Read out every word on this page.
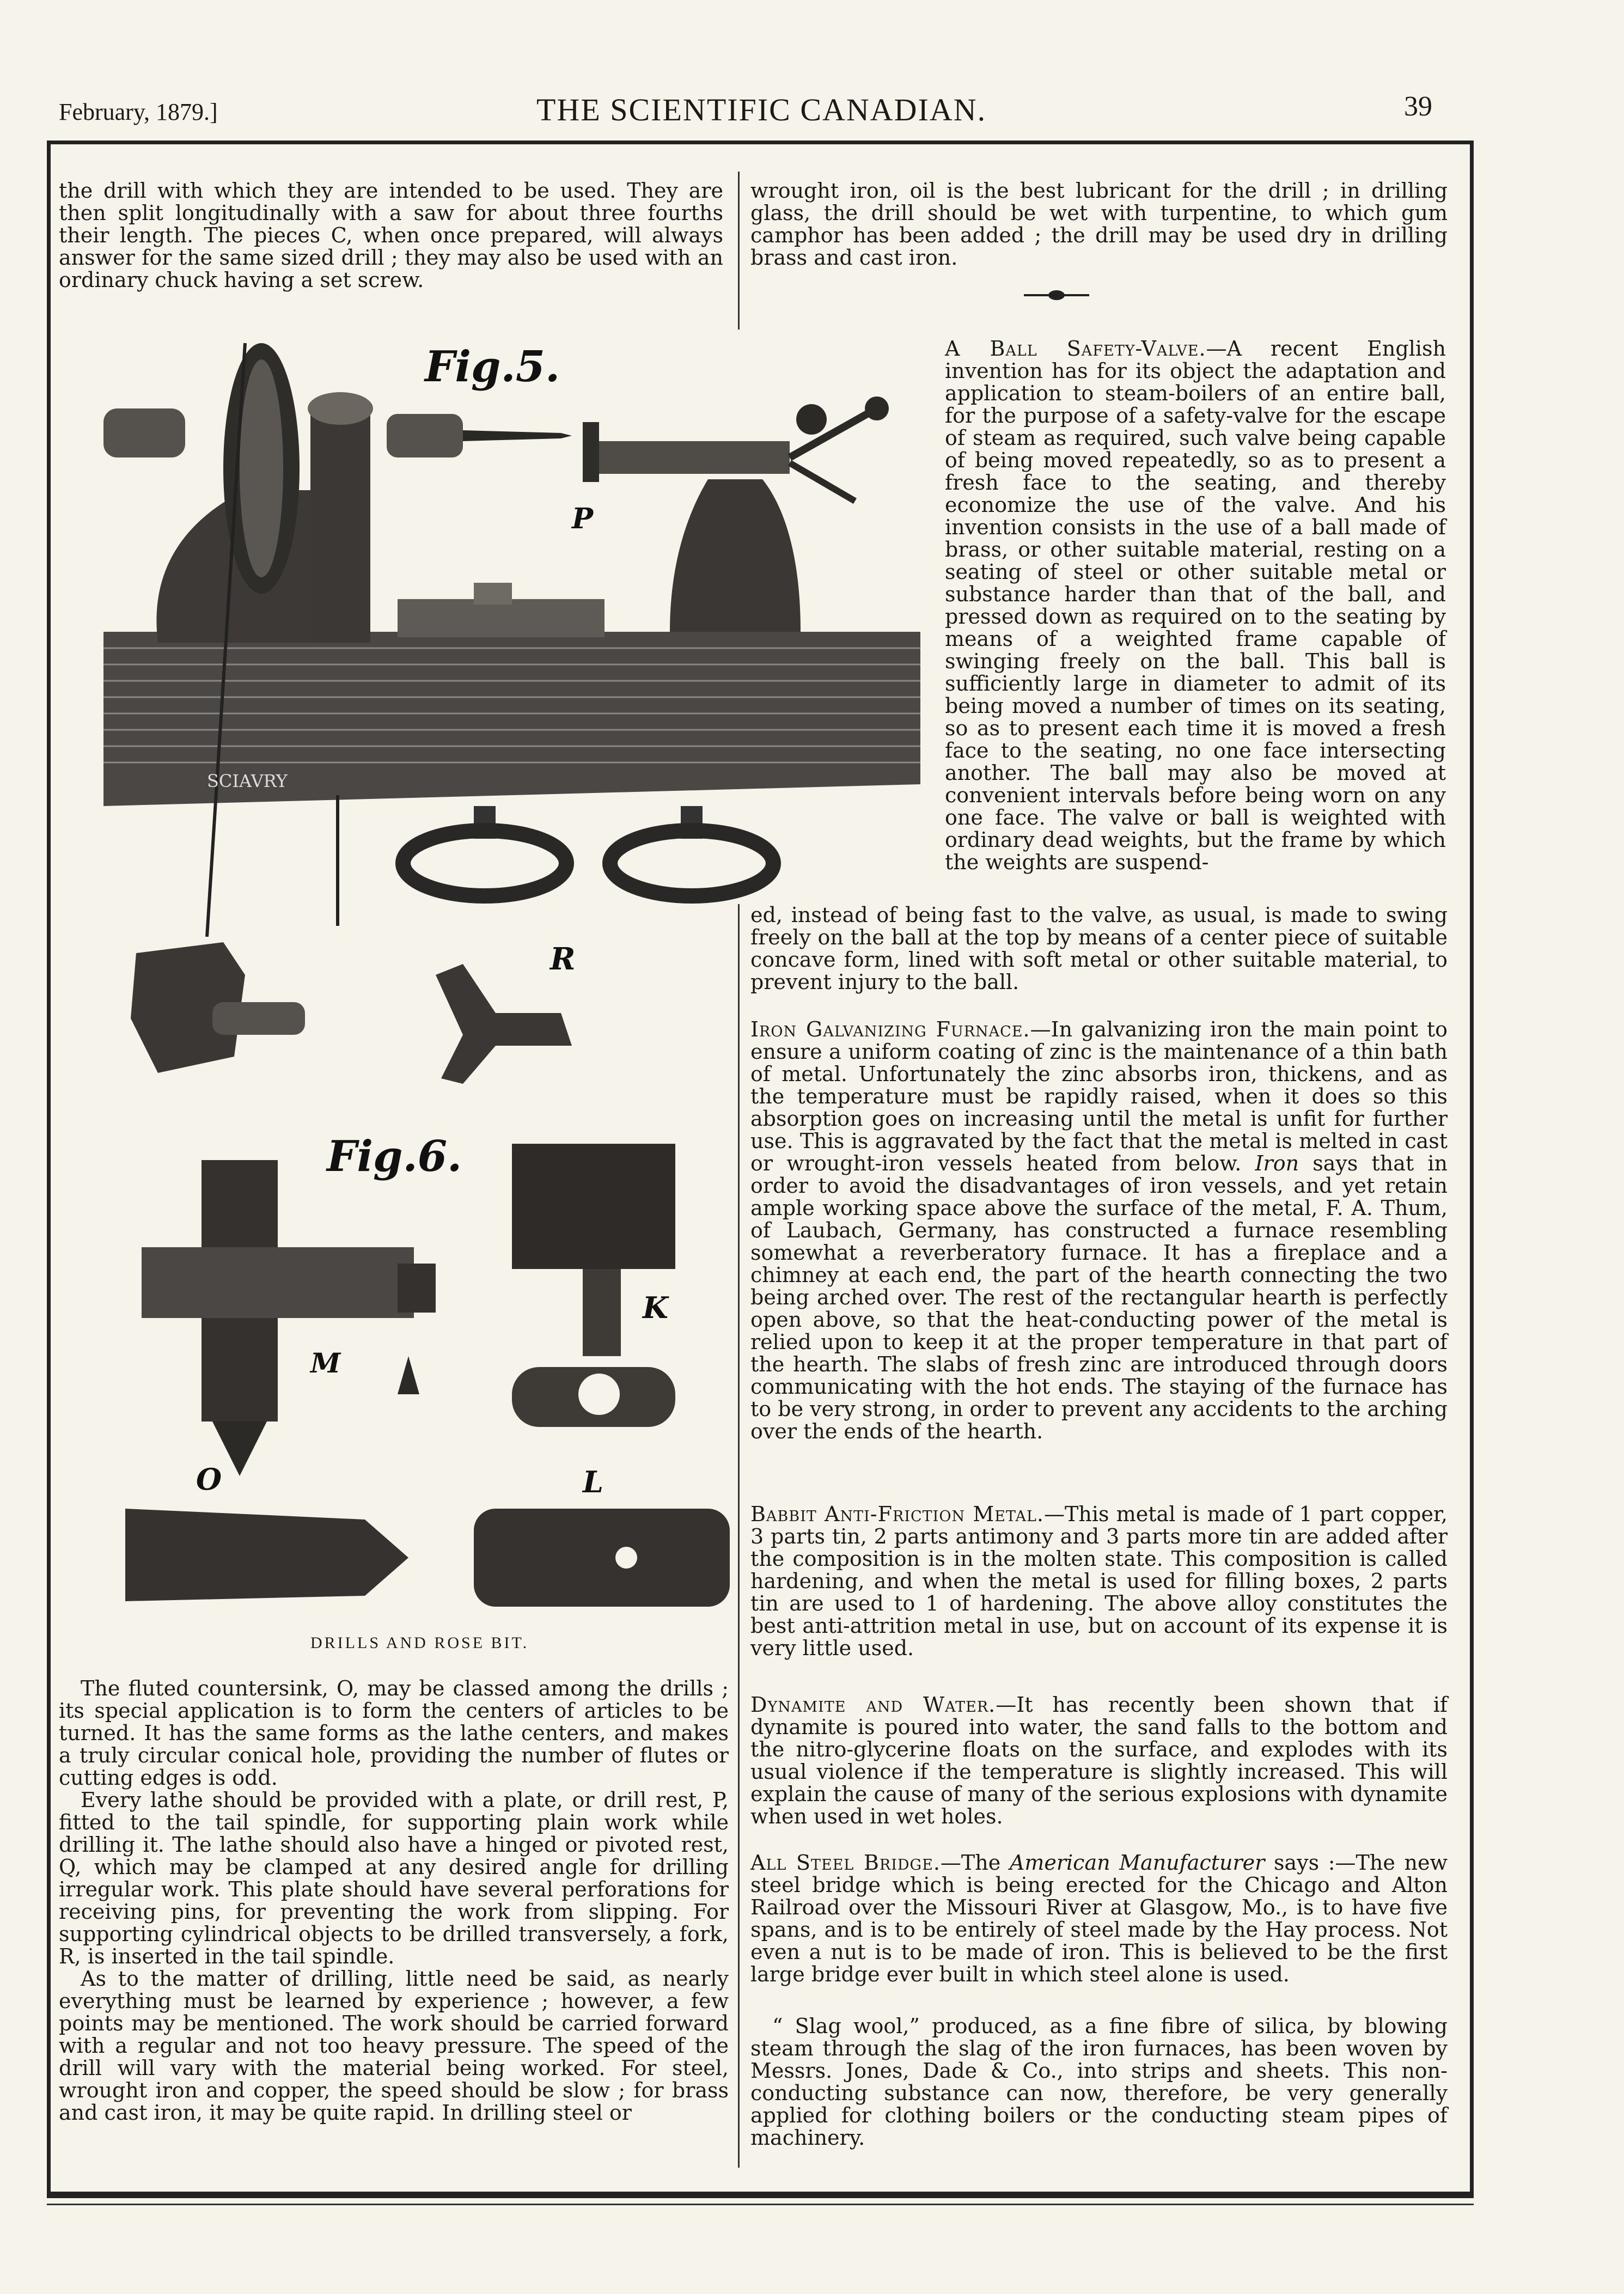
February, 1879.]	THE SCIENTIFIC CANADIAN.	39
the drill with which they are intended to be used. They are then split longitudinally with a saw for about three fourths their length. The pieces C, when once prepared, will always answer for the same sized drill ; they may also be used with an ordinary chuck having a set screw.
wrought iron, oil is the best lubricant for the drill ; in drilling glass, the drill should be wet with turpentine, to which gum camphor has been added ; the drill may be used dry in drilling brass and cast iron.
Fig.5.
P
SCIAVRY
A Ball Safety-Valve.—A recent English invention has for its object the adaptation and application to steam-boilers of an entire ball, for the purpose of a safety-valve for the escape of steam as required, such valve being capable of being moved repeatedly, so as to present a fresh face to the seating, and thereby economize the use of the valve. And his invention consists in the use of a ball made of brass, or other suitable material, resting on a seating of steel or other suitable metal or substance harder than that of the ball, and pressed down as required on to the seating by means of a weighted frame capable of swinging freely on the ball. This ball is sufficiently large in diameter to admit of its being moved a number of times on its seating, so as to present each time it is moved a fresh face to the seating, no one face intersecting another. The ball may also be moved at convenient intervals before being worn on any one face. The valve or ball is weighted with ordinary dead weights, but the frame by which the weights are suspend-
ed, instead of being fast to the valve, as usual, is made to swing freely on the ball at the top by means of a center piece of suitable concave form, lined with soft metal or other suitable material, to prevent injury to the ball.
R
Fig.6.
M
K
O	L
DRILLS AND ROSE BIT.
Iron Galvanizing Furnace.—In galvanizing iron the main point to ensure a uniform coating of zinc is the maintenance of a thin bath of metal. Unfortunately the zinc absorbs iron, thickens, and as the temperature must be rapidly raised, when it does so this absorption goes on increasing until the metal is unfit for further use. This is aggravated by the fact that the metal is melted in cast or wrought-iron vessels heated from below. Iron says that in order to avoid the disadvantages of iron vessels, and yet retain ample working space above the surface of the metal, F. A. Thum, of Laubach, Germany, has constructed a furnace resembling somewhat a reverberatory furnace. It has a fireplace and a chimney at each end, the part of the hearth connecting the two being arched over. The rest of the rectangular hearth is perfectly open above, so that the heat-conducting power of the metal is relied upon to keep it at the proper temperature in that part of the hearth. The slabs of fresh zinc are introduced through doors communicating with the hot ends. The staying of the furnace has to be very strong, in order to prevent any accidents to the arching over the ends of the hearth.
Babbit Anti-Friction Metal.—This metal is made of 1 part copper, 3 parts tin, 2 parts antimony and 3 parts more tin are added after the composition is in the molten state. This composition is called hardening, and when the metal is used for filling boxes, 2 parts tin are used to 1 of hardening. The above alloy constitutes the best anti-attrition metal in use, but on account of its expense it is very little used.
Dynamite and Water.—It has recently been shown that if dynamite is poured into water, the sand falls to the bottom and the nitro-glycerine floats on the surface, and explodes with its usual violence if the temperature is slightly increased. This will explain the cause of many of the serious explosions with dynamite when used in wet holes.
All Steel Bridge.—The American Manufacturer says :—The new steel bridge which is being erected for the Chicago and Alton Railroad over the Missouri River at Glasgow, Mo., is to have five spans, and is to be entirely of steel made by the Hay process. Not even a nut is to be made of iron. This is believed to be the first large bridge ever built in which steel alone is used.
“ Slag wool,” produced, as a fine fibre of silica, by blowing steam through the slag of the iron furnaces, has been woven by Messrs. Jones, Dade & Co., into strips and sheets. This non-conducting substance can now, therefore, be very generally applied for clothing boilers or the conducting steam pipes of machinery.

The fluted countersink, O, may be classed among the drills ; its special application is to form the centers of articles to be turned. It has the same forms as the lathe centers, and makes a truly circular conical hole, providing the number of flutes or cutting edges is odd.

Every lathe should be provided with a plate, or drill rest, P, fitted to the tail spindle, for supporting plain work while drilling it. The lathe should also have a hinged or pivoted rest, Q, which may be clamped at any desired angle for drilling irregular work. This plate should have several perforations for receiving pins, for preventing the work from slipping. For supporting cylindrical objects to be drilled transversely, a fork, R, is inserted in the tail spindle.

As to the matter of drilling, little need be said, as nearly everything must be learned by experience ; however, a few points may be mentioned. The work should be carried forward with a regular and not too heavy pressure. The speed of the drill will vary with the material being worked. For steel, wrought iron and copper, the speed should be slow ; for brass and cast iron, it may be quite rapid. In drilling steel or
